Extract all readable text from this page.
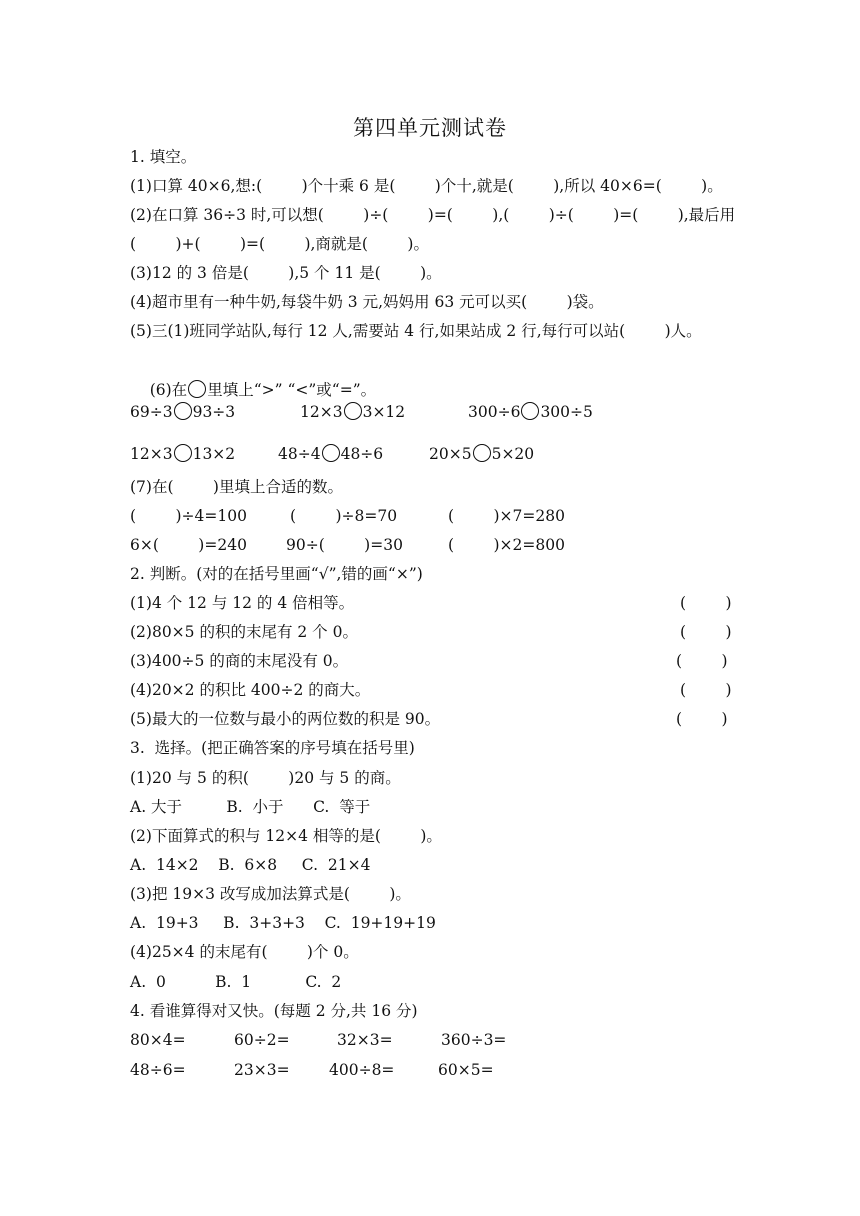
第四单元测试卷
1. 填空。
(1)口算 40×6,想:(        )个十乘 6 是(        )个十,就是(        ),所以 40×6=(        )。
(2)在口算 36÷3 时,可以想(        )÷(        )=(        ),(        )÷(        )=(        ),最后用
(        )+(        )=(        ),商就是(        )。
(3)12 的 3 倍是(        ),5 个 11 是(        )。
(4)超市里有一种牛奶,每袋牛奶 3 元,妈妈用 63 元可以买(        )袋。
(5)三(1)班同学站队,每行 12 人,需要站 4 行,如果站成 2 行,每行可以站(        )人。

(6)在 里填上“>” “<”或“=”。

69÷3 93÷3	12×3 3×12	300÷6 300÷5
12×3 13×2	48÷4 48÷6	20×5 5×20
(7)在(        )里填上合适的数。
(        )÷4=100	(        )÷8=70	(        )×7=280
6×(        )=240	90÷(        )=30	(        )×2=800
2. 判断。(对的在括号里画“√”,错的画“×”)
(1)4 个 12 与 12 的 4 倍相等。	(        )
(2)80×5 的积的末尾有 2 个 0。	(        )
(3)400÷5 的商的末尾没有 0。	(        )
(4)20×2 的积比 400÷2 的商大。	(        )
(5)最大的一位数与最小的两位数的积是 90。	(        )
3.  选择。(把正确答案的序号填在括号里)
(1)20 与 5 的积(        )20 与 5 的商。
A. 大于         B.  小于      C.  等于
(2)下面算式的积与 12×4 相等的是(        )。
A.  14×2    B.  6×8     C.  21×4
(3)把 19×3 改写成加法算式是(        )。
A.  19+3     B.  3+3+3    C.  19+19+19
(4)25×4 的末尾有(        )个 0。
A.  0          B.  1           C.  2
4. 看谁算得对又快。(每题 2 分,共 16 分)
80×4=	60÷2=	32×3=	360÷3=
48÷6=	23×3=	400÷8=	60×5=
